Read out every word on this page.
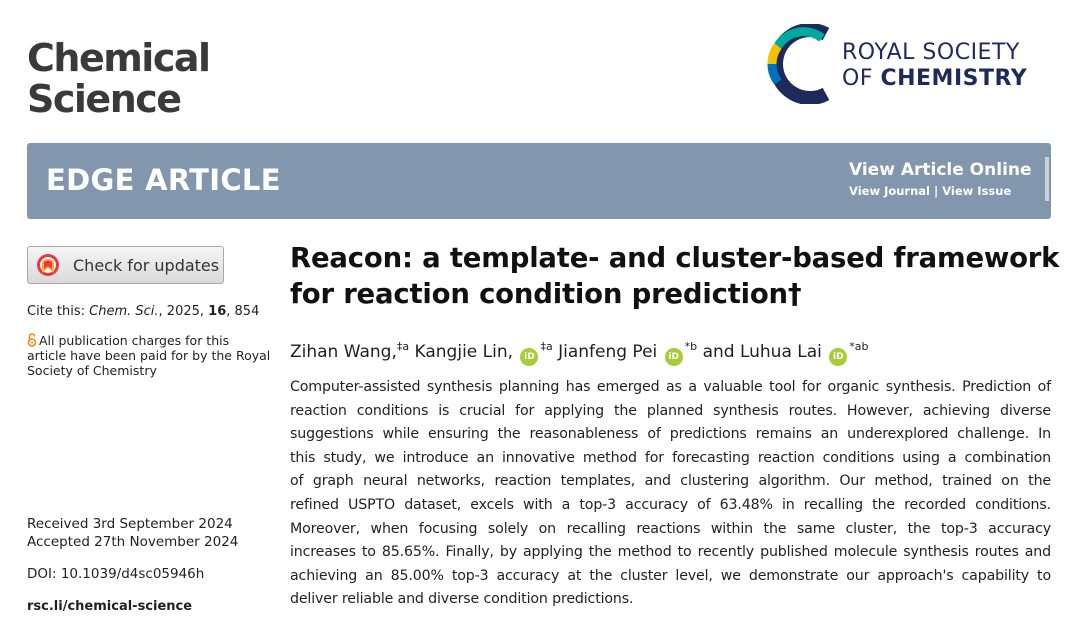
Chemical
Science
ROYAL SOCIETY
OF CHEMISTRY
EDGE ARTICLE	View Article Online
View Journal | View Issue
Check for updates
Cite this: Chem. Sci., 2025, 16, 854
All publication charges for this article have been paid for by the Royal Society of Chemistry
Received 3rd September 2024
Accepted 27th November 2024
DOI: 10.1039/d4sc05946h
rsc.li/chemical-science
Reacon: a template- and cluster-based framework
for reaction condition prediction†
Zihan Wang,$^{\ddagger a}$ Kangjie Lin, $iD^{\ddagger a}$ Jianfeng Pei $iD^{*b}$ and Luhua Lai $iD^{*ab}$
Computer-assisted synthesis planning has emerged as a valuable tool for organic synthesis. Prediction of
reaction conditions is crucial for applying the planned synthesis routes. However, achieving diverse
suggestions while ensuring the reasonableness of predictions remains an underexplored challenge. In
this study, we introduce an innovative method for forecasting reaction conditions using a combination
of graph neural networks, reaction templates, and clustering algorithm. Our method, trained on the
refined USPTO dataset, excels with a top-3 accuracy of 63.48% in recalling the recorded conditions.
Moreover, when focusing solely on recalling reactions within the same cluster, the top-3 accuracy
increases to 85.65%. Finally, by applying the method to recently published molecule synthesis routes and
achieving an 85.00% top-3 accuracy at the cluster level, we demonstrate our approach's capability to
deliver reliable and diverse condition predictions.
